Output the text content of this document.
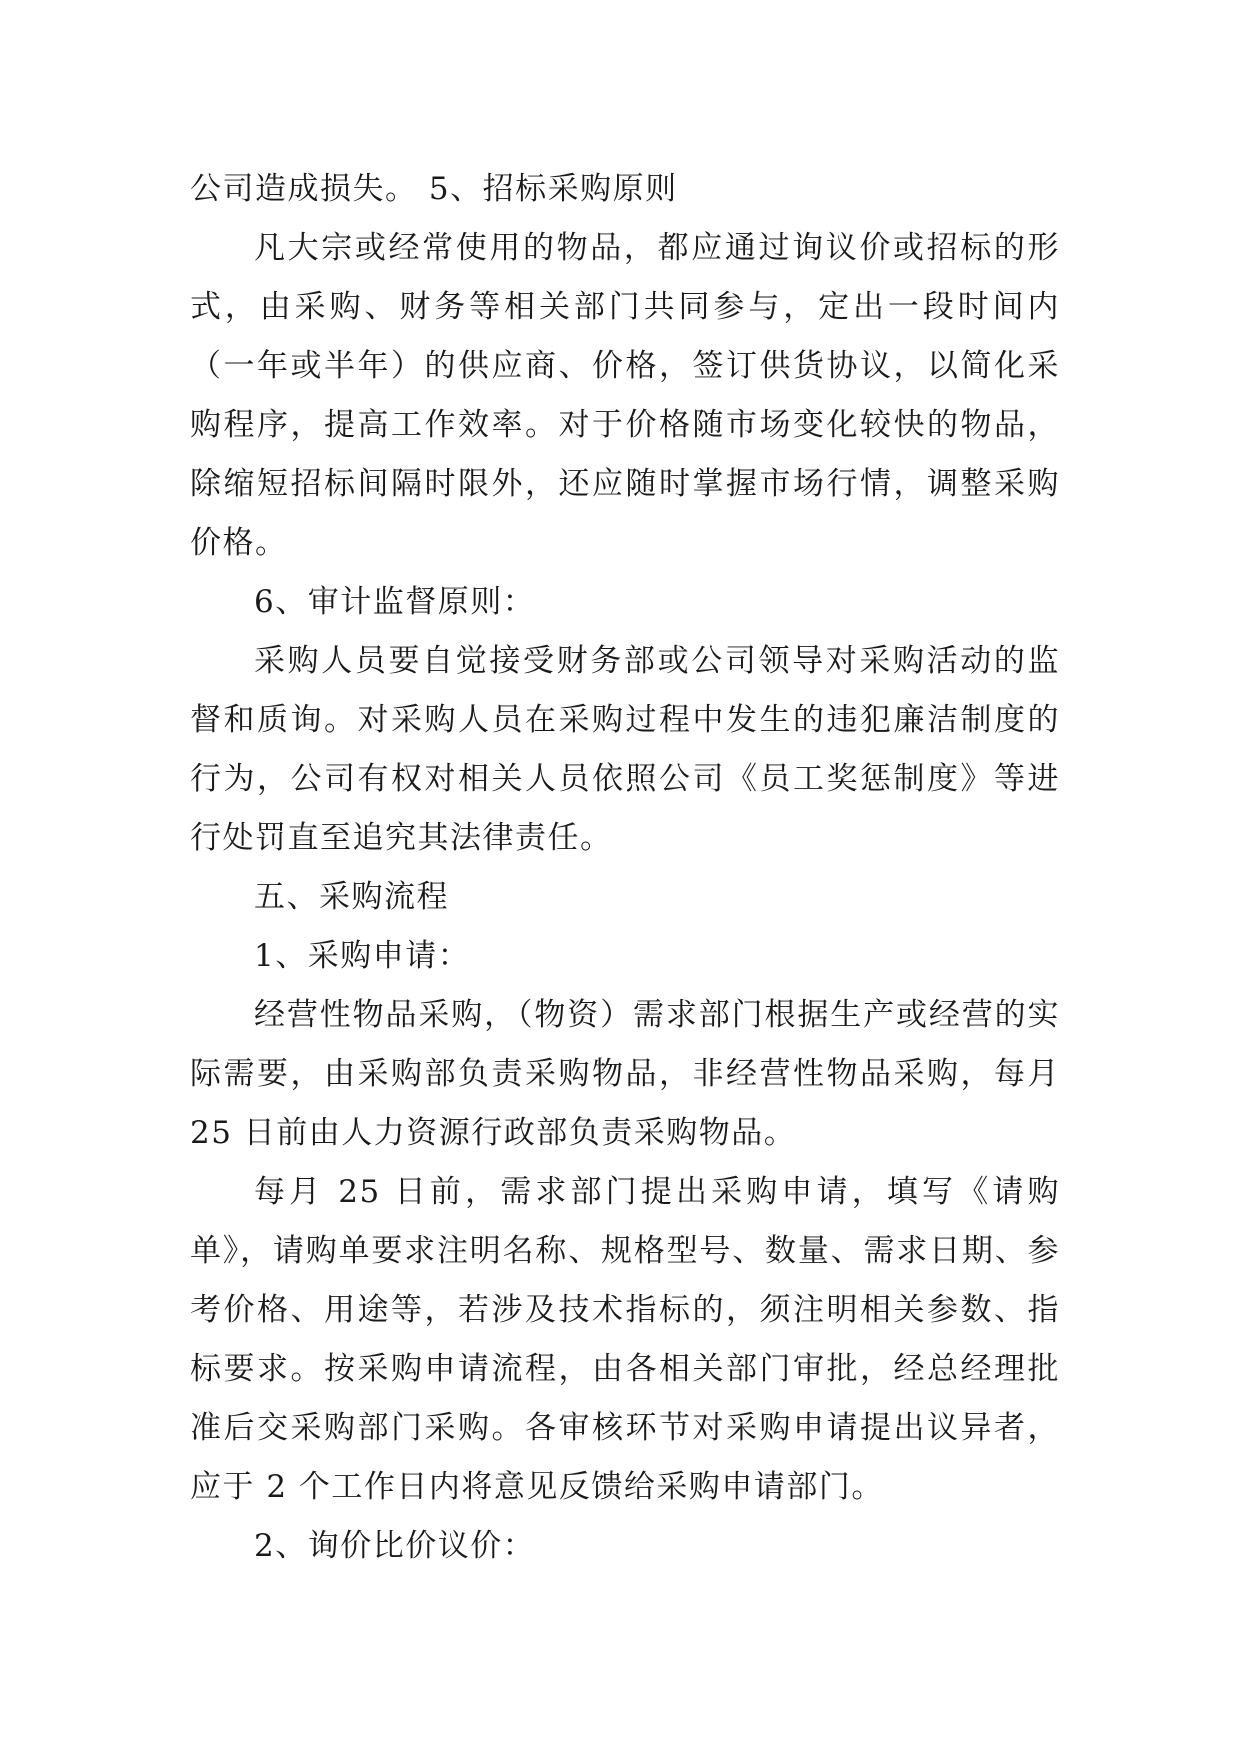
公司造成损失。 5、招标采购原则

凡大宗或经常使用的物品，都应通过询议价或招标的形式，由采购、财务等相关部门共同参与，定出一段时间内（一年或半年）的供应商、价格，签订供货协议，以简化采购程序，提高工作效率。对于价格随市场变化较快的物品，除缩短招标间隔时限外，还应随时掌握市场行情，调整采购价格。

6、审计监督原则：

采购人员要自觉接受财务部或公司领导对采购活动的监督和质询。对采购人员在采购过程中发生的违犯廉洁制度的行为，公司有权对相关人员依照公司《员工奖惩制度》等进行处罚直至追究其法律责任。

五、采购流程

1、采购申请：

经营性物品采购，（物资）需求部门根据生产或经营的实际需要，由采购部负责采购物品，非经营性物品采购，每月 25 日前由人力资源行政部负责采购物品。

每月 25 日前，需求部门提出采购申请，填写《请购单》，请购单要求注明名称、规格型号、数量、需求日期、参考价格、用途等，若涉及技术指标的，须注明相关参数、指标要求。按采购申请流程，由各相关部门审批，经总经理批准后交采购部门采购。各审核环节对采购申请提出议异者，应于 2 个工作日内将意见反馈给采购申请部门。

2、询价比价议价：
